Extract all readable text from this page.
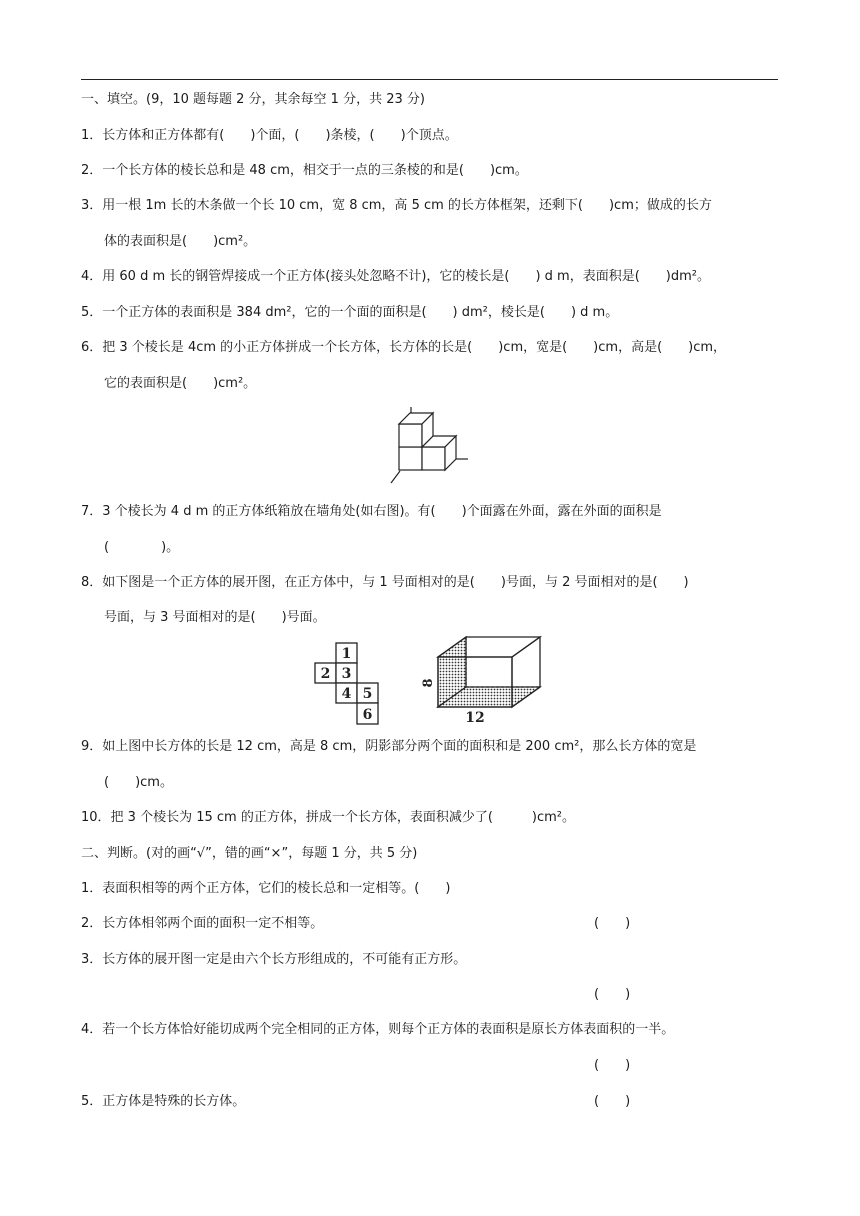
一、填空。(9，10 题每题 2 分，其余每空 1 分，共 23 分)
1．长方体和正方体都有(　　)个面，(　　)条棱，(　　)个顶点。
2．一个长方体的棱长总和是 48 cm，相交于一点的三条棱的和是(　　)cm。
3．用一根 1m 长的木条做一个长 10 cm，宽 8 cm，高 5 cm 的长方体框架，还剩下(　　)cm；做成的长方
体的表面积是(　　)cm²。
4．用 60 d m 长的钢管焊接成一个正方体(接头处忽略不计)，它的棱长是(　　) d m，表面积是(　　)dm²。
5．一个正方体的表面积是 384 dm²，它的一个面的面积是(　　) dm²，棱长是(　　) d m。
6．把 3 个棱长是 4cm 的小正方体拼成一个长方体，长方体的长是(　　)cm，宽是(　　)cm，高是(　　)cm，
它的表面积是(　　)cm²。
7．3 个棱长为 4 d m 的正方体纸箱放在墙角处(如右图)。有(　　)个面露在外面，露在外面的面积是
(　　　　)。
8．如下图是一个正方体的展开图，在正方体中，与 1 号面相对的是(　　)号面，与 2 号面相对的是(　　)
号面，与 3 号面相对的是(　　)号面。
1
2 3
4 5
6
8
12
9．如上图中长方体的长是 12 cm，高是 8 cm，阴影部分两个面的面积和是 200 cm²，那么长方体的宽是
(　　)cm。
10．把 3 个棱长为 15 cm 的正方体，拼成一个长方体，表面积减少了(　　　)cm²。
二、判断。(对的画“√”，错的画“×”，每题 1 分，共 5 分)
1．表面积相等的两个正方体，它们的棱长总和一定相等。(　　)
2．长方体相邻两个面的面积一定不相等。	(　　)
3．长方体的展开图一定是由六个长方形组成的，不可能有正方形。
(　　)
4．若一个长方体恰好能切成两个完全相同的正方体，则每个正方体的表面积是原长方体表面积的一半。
(　　)
5．正方体是特殊的长方体。	(　　)
